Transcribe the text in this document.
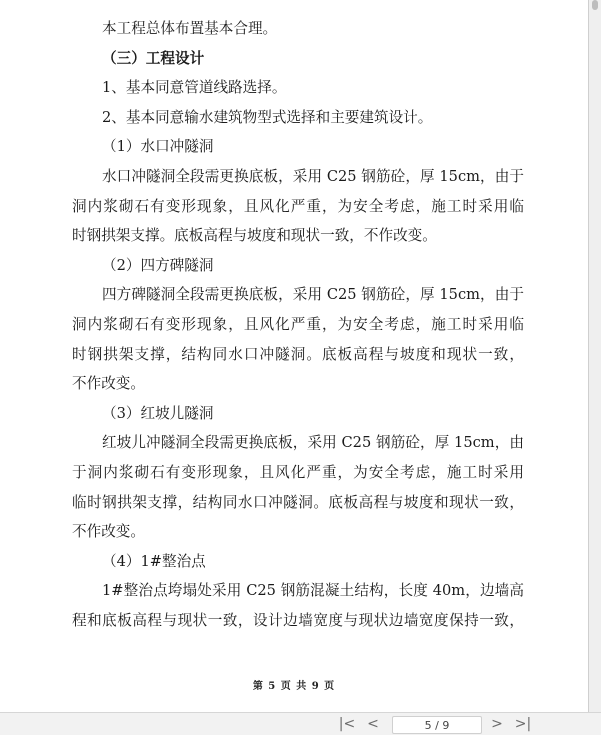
本工程总体布置基本合理。

（三）工程设计

1、基本同意管道线路选择。

2、基本同意输水建筑物型式选择和主要建筑设计。

（1）水口冲隧洞

水口冲隧洞全段需更换底板，采用 C25 钢筋砼，厚 15cm，由于

洞内浆砌石有变形现象，且风化严重，为安全考虑，施工时采用临

时钢拱架支撑。底板高程与坡度和现状一致，不作改变。

（2）四方碑隧洞

四方碑隧洞全段需更换底板，采用 C25 钢筋砼，厚 15cm，由于

洞内浆砌石有变形现象，且风化严重，为安全考虑，施工时采用临

时钢拱架支撑，结构同水口冲隧洞。底板高程与坡度和现状一致，

不作改变。

（3）红坡儿隧洞

红坡儿冲隧洞全段需更换底板，采用 C25 钢筋砼，厚 15cm，由

于洞内浆砌石有变形现象，且风化严重，为安全考虑，施工时采用

临时钢拱架支撑，结构同水口冲隧洞。底板高程与坡度和现状一致，

不作改变。

（4）1#整治点

1#整治点垮塌处采用 C25 钢筋混凝土结构，长度 40m，边墙高

程和底板高程与现状一致，设计边墙宽度与现状边墙宽度保持一致，

第 5 页 共 9 页
|< <	5 / 9	> >|
